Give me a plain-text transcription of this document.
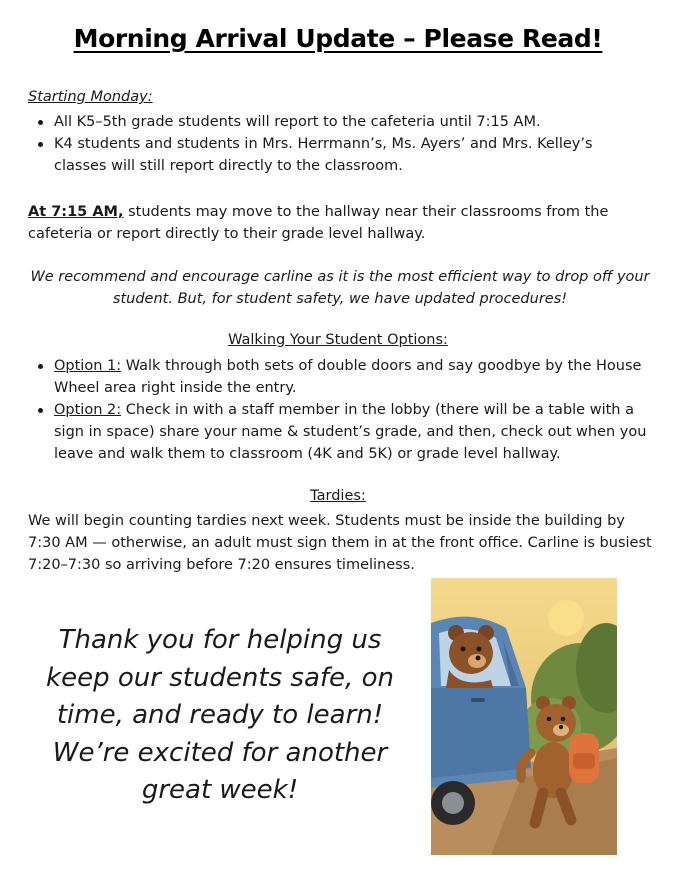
Morning Arrival Update – Please Read!
Starting Monday:
All K5–5th grade students will report to the cafeteria until 7:15 AM.
K4 students and students in Mrs. Herrmann’s, Ms. Ayers’ and Mrs. Kelley’s classes will still report directly to the classroom.
At 7:15 AM, students may move to the hallway near their classrooms from the cafeteria or report directly to their grade level hallway.
We recommend and encourage carline as it is the most efficient way to drop off your student. But, for student safety, we have updated procedures!
Walking Your Student Options:
Option 1: Walk through both sets of double doors and say goodbye by the House Wheel area right inside the entry.
Option 2: Check in with a staff member in the lobby (there will be a table with a sign in space) share your name & student’s grade, and then, check out when you leave and walk them to classroom (4K and 5K) or grade level hallway.
Tardies:
We will begin counting tardies next week. Students must be inside the building by 7:30 AM — otherwise, an adult must sign them in at the front office. Carline is busiest 7:20–7:30 so arriving before 7:20 ensures timeliness.
Thank you for helping us keep our students safe, on time, and ready to learn! We’re excited for another great week!
